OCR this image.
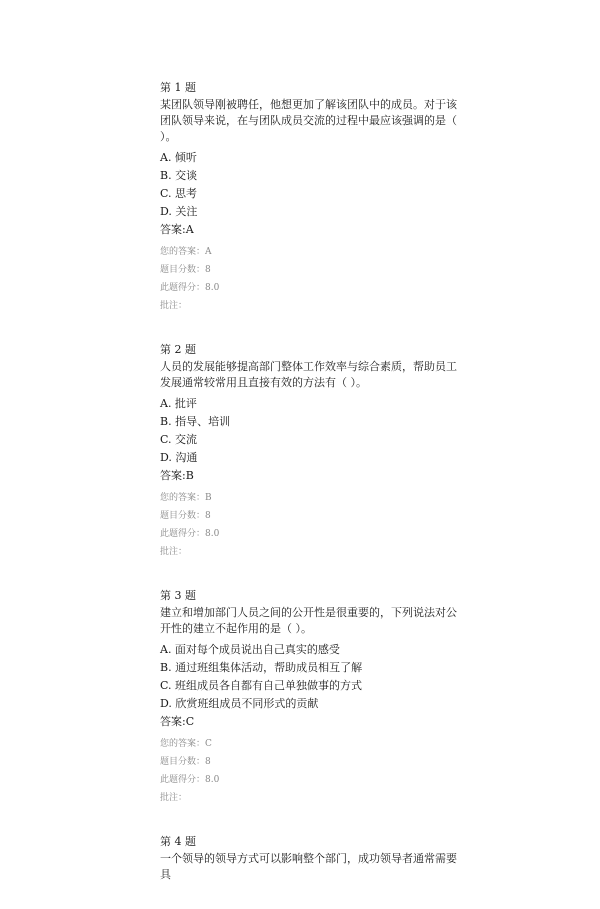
第 1 题
某团队领导刚被聘任，他想更加了解该团队中的成员。对于该团队领导来说，在与团队成员交流的过程中最应该强调的是（ ）。
A. 倾听
B. 交谈
C. 思考
D. 关注
答案:A
您的答案：A
题目分数：8
此题得分：8.0
批注：
第 2 题
人员的发展能够提高部门整体工作效率与综合素质，帮助员工发展通常较常用且直接有效的方法有（ ）。
A. 批评
B. 指导、培训
C. 交流
D. 沟通
答案:B
您的答案：B
题目分数：8
此题得分：8.0
批注：
第 3 题
建立和增加部门人员之间的公开性是很重要的，下列说法对公开性的建立不起作用的是（ ）。
A. 面对每个成员说出自己真实的感受
B. 通过班组集体活动，帮助成员相互了解
C. 班组成员各自都有自己单独做事的方式
D. 欣赏班组成员不同形式的贡献
答案:C
您的答案：C
题目分数：8
此题得分：8.0
批注：
第 4 题
一个领导的领导方式可以影响整个部门，成功领导者通常需要具
